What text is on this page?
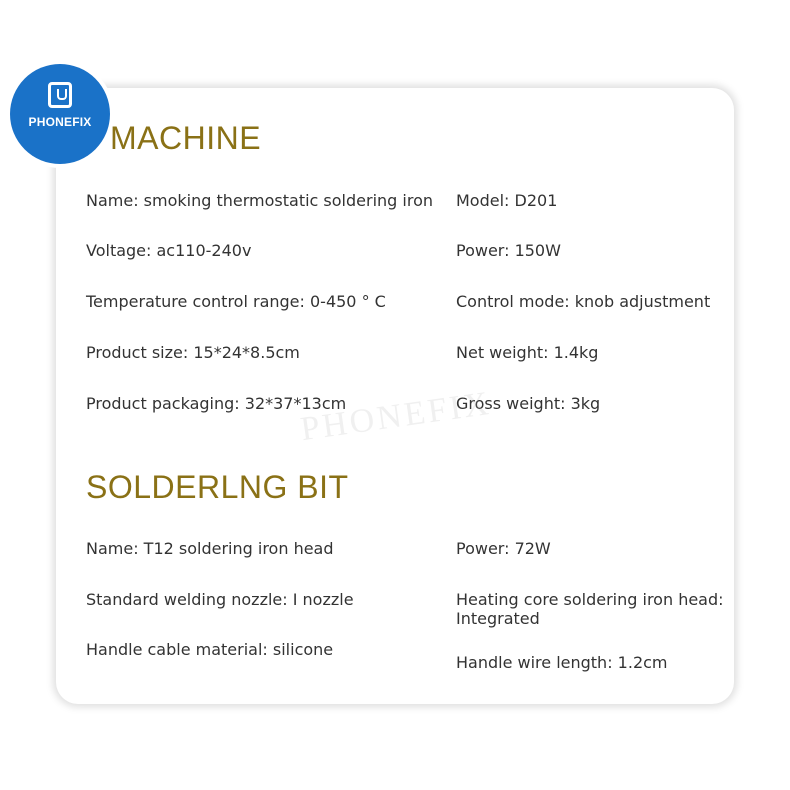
PHONEFIX
PHONEFIX
MACHINE
Name: smoking thermostatic soldering iron
Voltage: ac110-240v
Temperature control range: 0-450 ° C
Product size: 15*24*8.5cm
Product packaging: 32*37*13cm
Model: D201
Power: 150W
Control mode: knob adjustment
Net weight: 1.4kg
Gross weight: 3kg
SOLDERLNG BIT
Name: T12 soldering iron head
Standard welding nozzle: I nozzle
Handle cable material: silicone
Power: 72W
Heating core soldering iron head: Integrated
Handle wire length: 1.2cm
